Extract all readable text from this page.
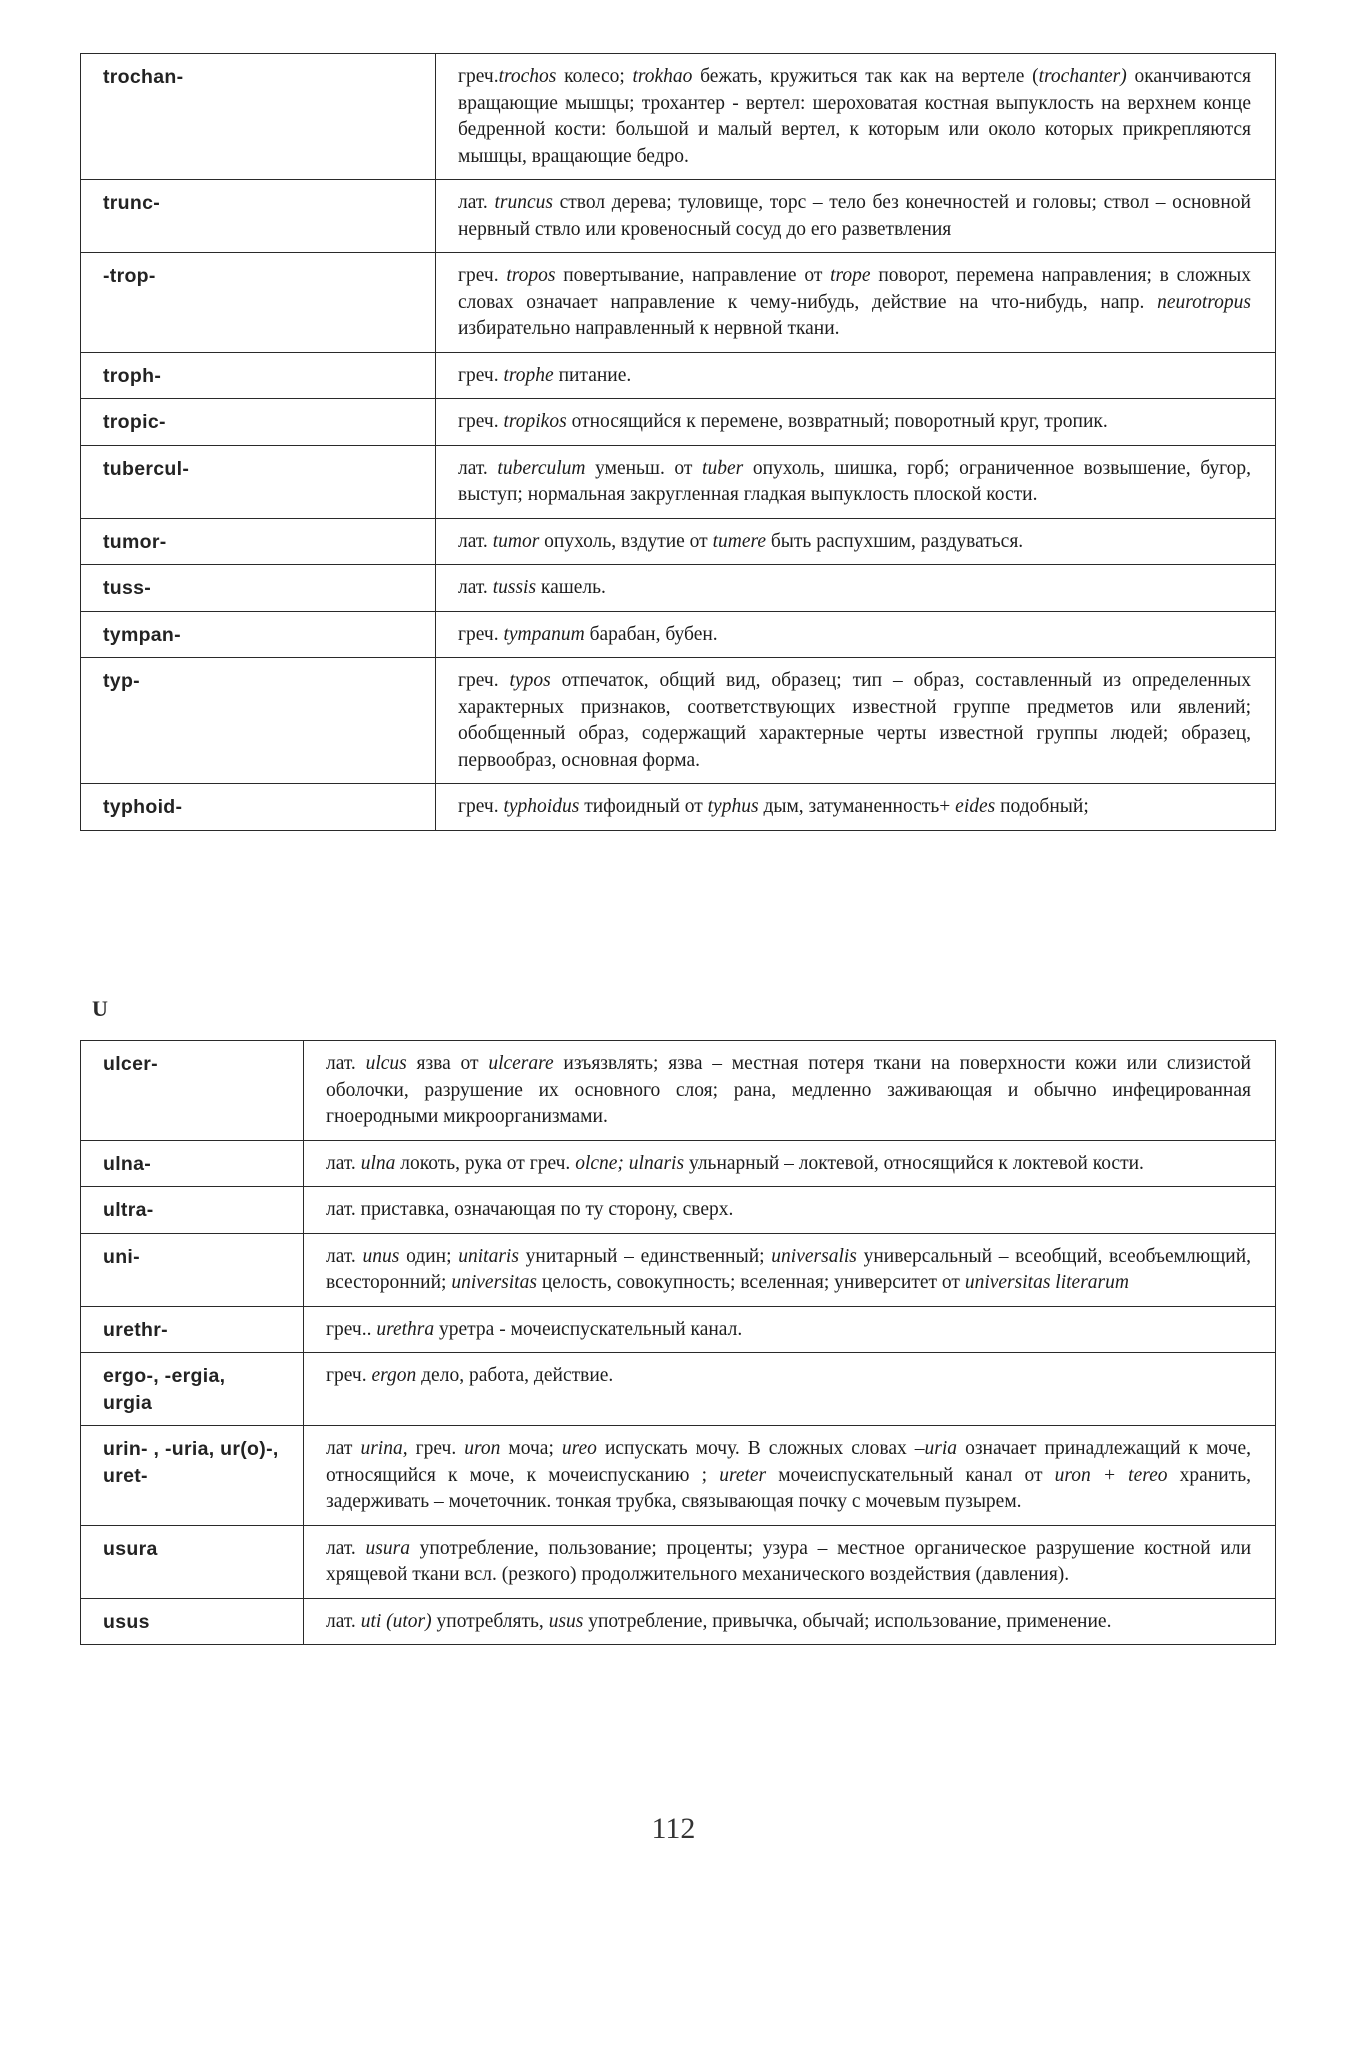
trochan-	греч.trochos колесо; trokhao бежать, кружиться так как на вертеле (trochanter) оканчиваются вращающие мышцы; трохантер - вертел: шероховатая костная выпуклость на верхнем конце бедренной кости: большой и малый вертел, к которым или около которых прикрепляются мышцы, вращающие бедро.
trunc-	лат. truncus ствол дерева; туловище, торс – тело без конечностей и головы; ствол – основной нервный ствло или кровеносный сосуд до его разветвления
-trop-	греч. tropos повертывание, направление от trope поворот, перемена направления; в сложных словах означает направление к чему-нибудь, действие на что-нибудь, напр. neurotropus избирательно направленный к нервной ткани.
troph-	греч. trophe питание.
tropic-	греч. tropikos относящийся к перемене, возвратный; поворотный круг, тропик.
tubercul-	лат. tuberculum уменьш. от tuber опухоль, шишка, горб; ограниченное возвышение, бугор, выступ; нормальная закругленная гладкая выпуклость плоской кости.
tumor-	лат. tumor опухоль, вздутие от tumere быть распухшим, раздуваться.
tuss-	лат. tussis кашель.
tympan-	греч. tympanum барабан, бубен.
typ-	греч. typos отпечаток, общий вид, образец; тип – образ, составленный из определенных характерных признаков, соответствующих известной группе предметов или явлений; обобщенный образ, содержащий характерные черты известной группы людей; образец, первообраз, основная форма.
typhoid-	греч. typhoidus тифоидный от typhus дым, затуманенность+ eides подобный;
U
ulcer-	лат. ulcus язва от ulcerare изъязвлять; язва – местная потеря ткани на поверхности кожи или слизистой оболочки, разрушение их основного слоя; рана, медленно заживающая и обычно инфецированная гноеродными микроорганизмами.
ulna-	лат. ulna локоть, рука от греч. olcne; ulnaris ульнарный – локтевой, относящийся к локтевой кости.
ultra-	лат. приставка, означающая по ту сторону, сверх.
uni-	лат. unus один; unitaris унитарный – единственный; universalis универсальный – всеобщий, всеобъемлющий, всесторонний; universitas целость, совокупность; вселенная; университет от universitas literarum
urethr-	греч.. urethra уретра - мочеиспускательный канал.
ergo-, -ergia, urgia	греч. ergon дело, работа, действие.
urin- , -uria, ur(o)-, uret-	лат urina, греч. uron моча; ureo испускать мочу. В сложных словах –uria означает принадлежащий к моче, относящийся к моче, к мочеиспусканию ; ureter мочеиспускательный канал от uron + tereo хранить, задерживать – мочеточник. тонкая трубка, связывающая почку с мочевым пузырем.
usura	лат. usura употребление, пользование; проценты; узура – местное органическое разрушение костной или хрящевой ткани вcл. (резкого) продолжительного механического воздействия (давления).
usus	лат. uti (utor) употреблять, usus употребление, привычка, обычай; использование, применение.
112
